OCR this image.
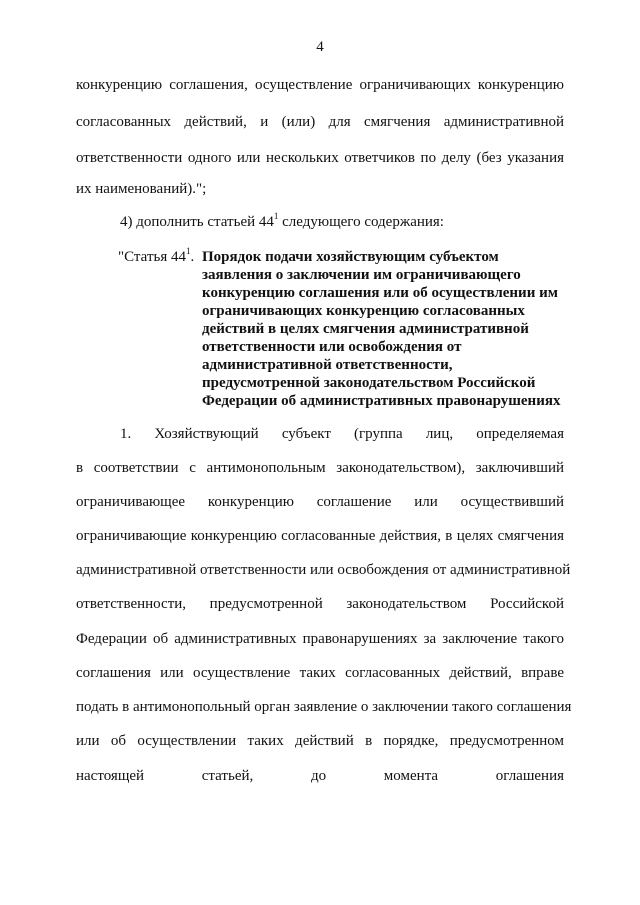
4
конкуренцию соглашения, осуществление ограничивающих конкуренцию
согласованных действий, и (или) для смягчения административной
ответственности одного или нескольких ответчиков по делу (без указания
их наименований).";
4) дополнить статьей $44^1$ следующего содержания:
"Статья $44^1$. Порядок подачи хозяйствующим субъектом
заявления о заключении им ограничивающего
конкуренцию соглашения или об осуществлении им
ограничивающих конкуренцию согласованных
действий в целях смягчения административной
ответственности или освобождения от
административной ответственности,
предусмотренной законодательством Российской
Федерации об административных правонарушениях
1. Хозяйствующий субъект (группа лиц, определяемая
в соответствии с антимонопольным законодательством), заключивший
ограничивающее конкуренцию соглашение или осуществивший
ограничивающие конкуренцию согласованные действия, в целях смягчения
административной ответственности или освобождения от административной
ответственности, предусмотренной законодательством Российской
Федерации об административных правонарушениях за заключение такого
соглашения или осуществление таких согласованных действий, вправе
подать в антимонопольный орган заявление о заключении такого соглашения
или об осуществлении таких действий в порядке, предусмотренном
настоящей статьей, до момента оглашения
